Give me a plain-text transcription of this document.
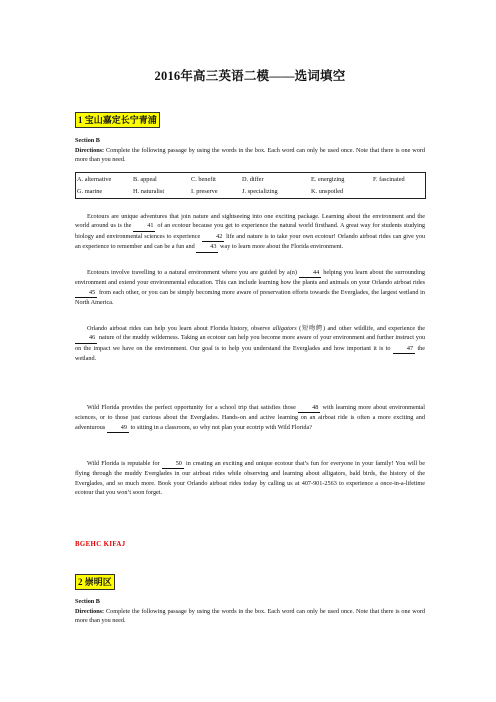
2016年高三英语二模——选词填空
1 宝山嘉定长宁青浦
Section B
Directions: Complete the following passage by using the words in the box. Each word can only be used once. Note that there is one word more than you need.
A. alternative	B. appeal	C. benefit	D. differ	E. energizing	F. fascinated
G. marine	H. naturalist	I. preserve	J. specializing	K. unspoiled	
Ecotours are unique adventures that join nature and sightseeing into one exciting package. Learning about the environment and the world around us is the	41 of an ecotour because you get to experience the natural world firsthand. A great way for students studying biology and environmental sciences to experience	42 life and nature is to take your own ecotour! Orlando airboat rides can give you an experience to remember and can be a fun and	43 way to learn more about the Florida environment.
Ecotours involve travelling to a natural environment where you are guided by a(n)	44 helping you learn about the surrounding environment and extend your environmental education. This can include learning how the plants and animals on your Orlando airboat rides 45 from each other, or you can be simply becoming more aware of preservation efforts towards the Everglades, the largest wetland in North America.
Orlando airboat rides can help you learn about Florida history, observe alligators (短吻鳄) and other wildlife, and experience the 46 nature of the muddy wilderness. Taking an ecotour can help you become more aware of your environment and further instruct you on the impact we have on the environment. Our goal is to help you understand the Everglades and how important it is to	47 the wetland.
Wild Florida provides the perfect opportunity for a school trip that satisfies those	48 with learning more about environmental sciences, or to those just curious about the Everglades. Hands-on and active learning on an airboat ride is often a more exciting and adventurous	49 to sitting in a classroom, so why not plan your ecotrip with Wild Florida?
Wild Florida is reputable for	50 in creating an exciting and unique ecotour that’s fun for everyone in your family! You will be flying through the muddy Everglades in our airboat rides while observing and learning about alligators, bald birds, the history of the Everglades, and so much more. Book your Orlando airboat rides today by calling us at 407-901-2563 to experience a once-in-a-lifetime ecotour that you won’t soon forget.
BGEHC KIFAJ
2 崇明区
Section B
Directions: Complete the following passage by using the words in the box. Each word can only be used once. Note that there is one word more than you need.
